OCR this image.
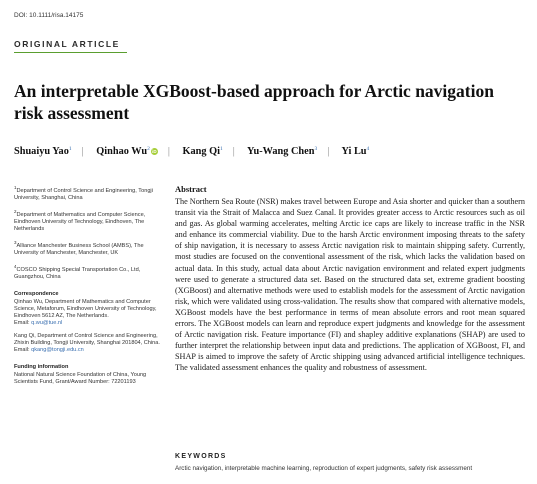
DOI: 10.1111/risa.14175
ORIGINAL ARTICLE
An interpretable XGBoost-based approach for Arctic navigation risk assessment
Shuaiyu Yao$^1$ | Qinhao Wu$^2$ iD | Kang Qi$^1$ | Yu-Wang Chen$^3$ | Yi Lu$^4$

$^1$Department of Control Science and Engineering, Tongji University, Shanghai, China

$^2$Department of Mathematics and Computer Science, Eindhoven University of Technology, Eindhoven, The Netherlands

$^3$Alliance Manchester Business School (AMBS), The University of Manchester, Manchester, UK

$^4$COSCO Shipping Special Transportation Co., Ltd, Guangzhou, China

Correspondence

Qinhao Wu, Department of Mathematics and Computer Science, Metaforum, Eindhoven University of Technology, Eindhoven 5612 AZ, The Netherlands.
Email: q.wu@tue.nl

Kang Qi, Department of Control Science and Engineering, Zhixin Building, Tongji University, Shanghai 201804, China.
Email: qkang@tongji.edu.cn

Funding information

National Natural Science Foundation of China, Young Scientists Fund, Grant/Award Number: 72201193

Abstract
The Northern Sea Route (NSR) makes travel between Europe and Asia shorter and quicker than a southern transit via the Strait of Malacca and Suez Canal. It provides greater access to Arctic resources such as oil and gas. As global warming accelerates, melting Arctic ice caps are likely to increase traffic in the NSR and enhance its commercial viability. Due to the harsh Arctic environment imposing threats to the safety of ship navigation, it is necessary to assess Arctic navigation risk to maintain shipping safety. Currently, most studies are focused on the conventional assessment of the risk, which lacks the validation based on actual data. In this study, actual data about Arctic navigation environment and related expert judgments were used to generate a structured data set. Based on the structured data set, extreme gradient boosting (XGBoost) and alternative methods were used to establish models for the assessment of Arctic navigation risk, which were validated using cross-validation. The results show that compared with alternative models, XGBoost models have the best performance in terms of mean absolute errors and root mean squared errors. The XGBoost models can learn and reproduce expert judgments and knowledge for the assessment of Arctic navigation risk. Feature importance (FI) and shapley additive explanations (SHAP) are used to further interpret the relationship between input data and predictions. The application of XGBoost, FI, and SHAP is aimed to improve the safety of Arctic shipping using advanced artificial intelligence techniques. The validated assessment enhances the quality and robustness of assessment.
KEYWORDS
Arctic navigation, interpretable machine learning, reproduction of expert judgments, safety risk assessment
